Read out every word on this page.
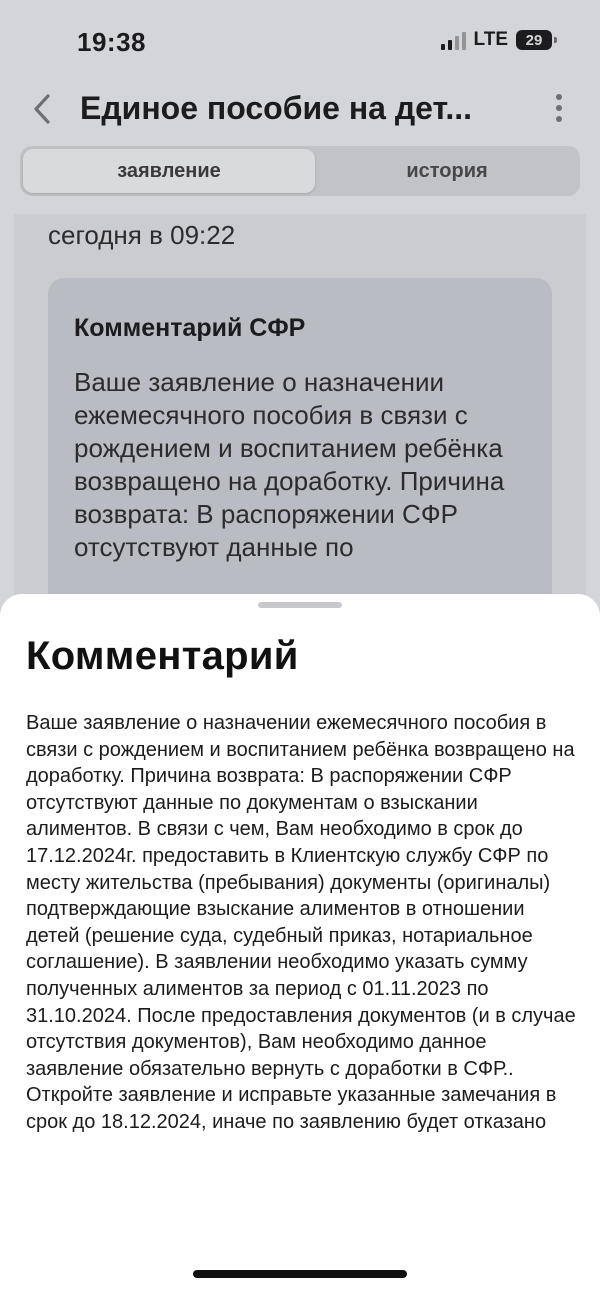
19:38	LTE 29
Единое пособие на дет...
заявление	история
сегодня в 09:22
Комментарий СФР
Ваше заявление о назначении ежемесячного пособия в связи с рождением и воспитанием ребёнка возвращено на доработку. Причина возврата: В распоряжении СФР отсутствуют данные по
Комментарий
Ваше заявление о назначении ежемесячного пособия в связи с рождением и воспитанием ребёнка возвращено на доработку. Причина возврата: В распоряжении СФР отсутствуют данные по документам о взыскании алиментов. В связи с чем, Вам необходимо в срок до 17.12.2024г. предоставить в Клиентскую службу СФР по месту жительства (пребывания) документы (оригиналы) подтверждающие взыскание алиментов в отношении детей (решение суда, судебный приказ, нотариальное соглашение). В заявлении необходимо указать сумму полученных алиментов за период с 01.11.2023 по 31.10.2024. После предоставления документов (и в случае отсутствия документов), Вам необходимо данное заявление обязательно вернуть с доработки в СФР.. Откройте заявление и исправьте указанные замечания в срок до 18.12.2024, иначе по заявлению будет отказано
